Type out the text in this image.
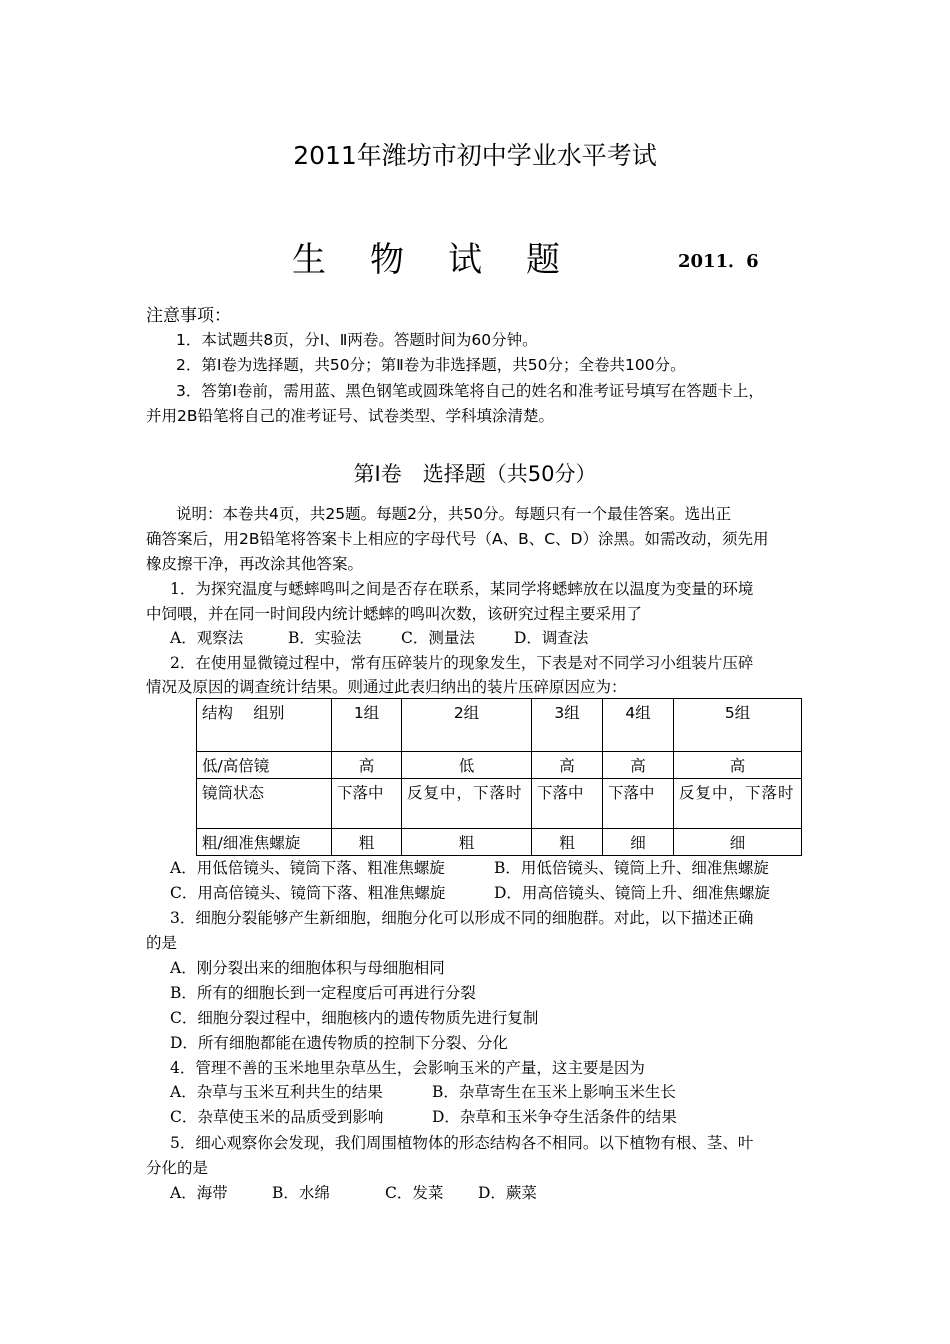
2011年潍坊市初中学业水平考试
生 物 试 题	2011．6
注意事项：
1．本试题共8页，分Ⅰ、Ⅱ两卷。答题时间为60分钟。
2．第Ⅰ卷为选择题，共50分；第Ⅱ卷为非选择题，共50分；全卷共100分。
3．答第Ⅰ卷前，需用蓝、黑色钢笔或圆珠笔将自己的姓名和准考证号填写在答题卡上，
并用2B铅笔将自己的准考证号、试卷类型、学科填涂清楚。
第Ⅰ卷　选择题（共50分）
说明：本卷共4页，共25题。每题2分，共50分。每题只有一个最佳答案。选出正
确答案后，用2B铅笔将答案卡上相应的字母代号（A、B、C、D）涂黑。如需改动，须先用
橡皮擦干净，再改涂其他答案。
1．为探究温度与蟋蟀鸣叫之间是否存在联系，某同学将蟋蟀放在以温度为变量的环境
中饲喂，并在同一时间段内统计蟋蟀的鸣叫次数，该研究过程主要采用了
A．观察法	B．实验法	C．测量法	D．调查法
2．在使用显微镜过程中，常有压碎装片的现象发生，下表是对不同学习小组装片压碎
情况及原因的调查统计结果。则通过此表归纳出的装片压碎原因应为：
结构　 组别	1组	2组	3组	4组	5组
低/高倍镜	高	低	高	高	高
镜筒状态	下落中	反复中，下落时	下落中	下落中	反复中，下落时
粗/细准焦螺旋	粗	粗	粗	细	细
A．用低倍镜头、镜筒下落、粗准焦螺旋	B．用低倍镜头、镜筒上升、细准焦螺旋
C．用高倍镜头、镜筒下落、粗准焦螺旋	D．用高倍镜头、镜筒上升、细准焦螺旋
3．细胞分裂能够产生新细胞，细胞分化可以形成不同的细胞群。对此，以下描述正确
的是
A．刚分裂出来的细胞体积与母细胞相同
B．所有的细胞长到一定程度后可再进行分裂
C．细胞分裂过程中，细胞核内的遗传物质先进行复制
D．所有细胞都能在遗传物质的控制下分裂、分化
4．管理不善的玉米地里杂草丛生，会影响玉米的产量，这主要是因为
A．杂草与玉米互利共生的结果	B．杂草寄生在玉米上影响玉米生长
C．杂草使玉米的品质受到影响	D．杂草和玉米争夺生活条件的结果
5．细心观察你会发现，我们周围植物体的形态结构各不相同。以下植物有根、茎、叶
分化的是
A．海带	B．水绵	C．发菜 D．蕨菜
